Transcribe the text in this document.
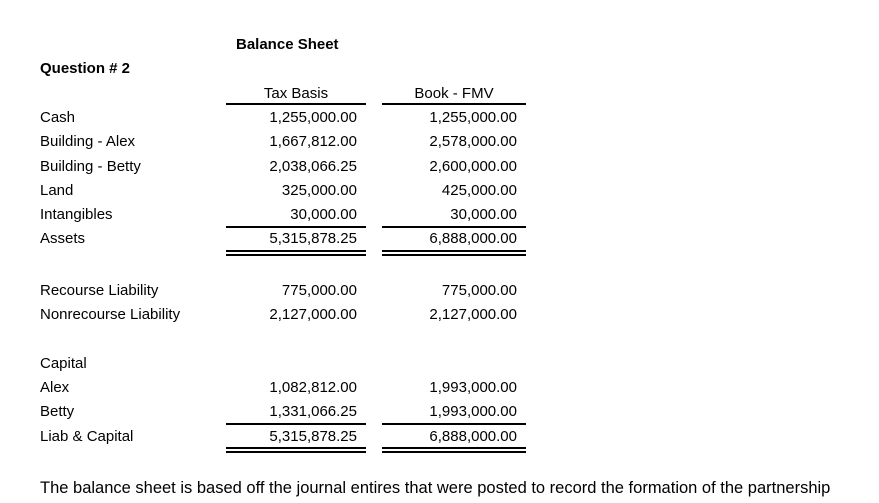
Balance Sheet
Question # 2
Tax Basis	Book - FMV
Cash	1,255,000.00	1,255,000.00
Building - Alex	1,667,812.00	2,578,000.00
Building - Betty	2,038,066.25	2,600,000.00
Land	325,000.00	425,000.00
Intangibles	30,000.00	30,000.00
Assets	5,315,878.25	6,888,000.00
Recourse Liability	775,000.00	775,000.00
Nonrecourse Liability	2,127,000.00	2,127,000.00
Capital
Alex	1,082,812.00	1,993,000.00
Betty	1,331,066.25	1,993,000.00
Liab & Capital	5,315,878.25	6,888,000.00
The balance sheet is based off the journal entires that were posted to record the formation of the partnership
